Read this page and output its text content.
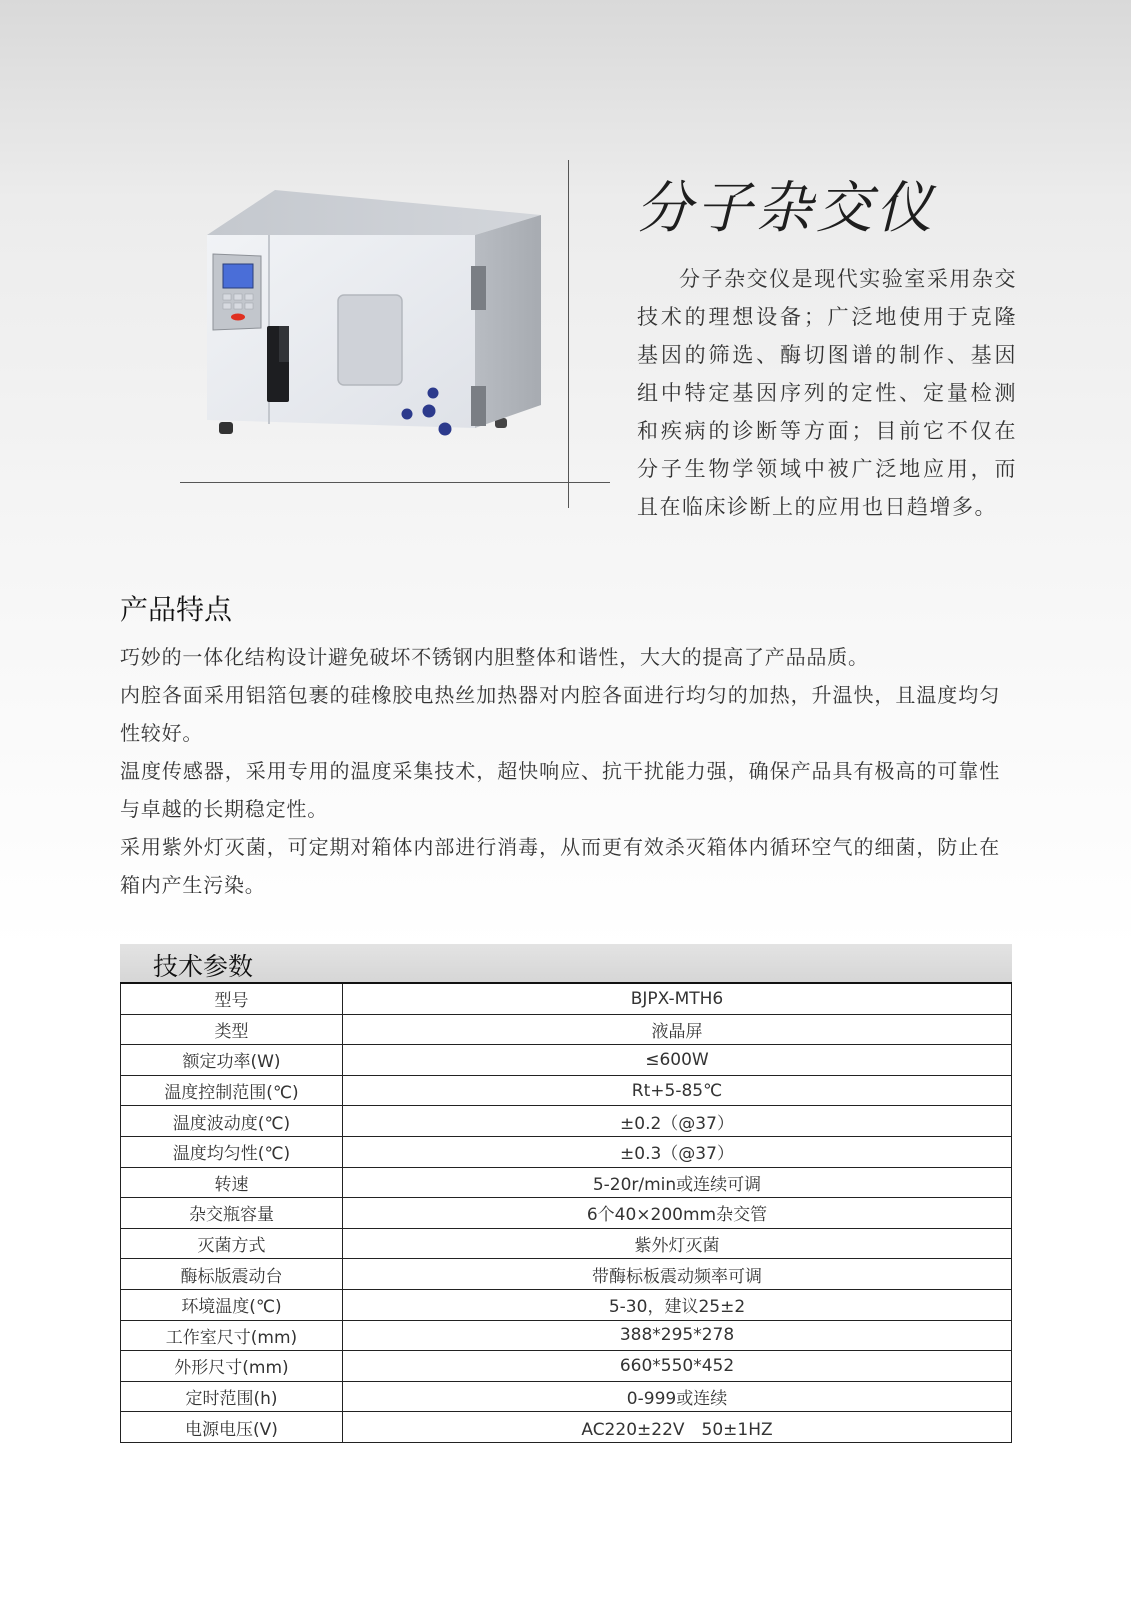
分子杂交仪

分子杂交仪是现代实验室采用杂交技术的理想设备；广泛地使用于克隆基因的筛选、酶切图谱的制作、基因组中特定基因序列的定性、定量检测和疾病的诊断等方面；目前它不仅在分子生物学领域中被广泛地应用，而且在临床诊断上的应用也日趋增多。

产品特点
巧妙的一体化结构设计避免破坏不锈钢内胆整体和谐性，大大的提高了产品品质。
内腔各面采用铝箔包裹的硅橡胶电热丝加热器对内腔各面进行均匀的加热，升温快，且温度均匀性较好。
温度传感器，采用专用的温度采集技术，超快响应、抗干扰能力强，确保产品具有极高的可靠性与卓越的长期稳定性。
采用紫外灯灭菌，可定期对箱体内部进行消毒，从而更有效杀灭箱体内循环空气的细菌，防止在箱内产生污染。
技术参数
型号	BJPX-MTH6
类型	液晶屏
额定功率(W)	≤600W
温度控制范围(℃)	Rt+5-85℃
温度波动度(℃)	±0.2（@37）
温度均匀性(℃)	±0.3（@37）
转速	5-20r/min或连续可调
杂交瓶容量	6个40×200mm杂交管
灭菌方式	紫外灯灭菌
酶标版震动台	带酶标板震动频率可调
环境温度(℃)	5-30，建议25±2
工作室尺寸(mm)	388*295*278
外形尺寸(mm)	660*550*452
定时范围(h)	0-999或连续
电源电压(V)	AC220±22V　50±1HZ
